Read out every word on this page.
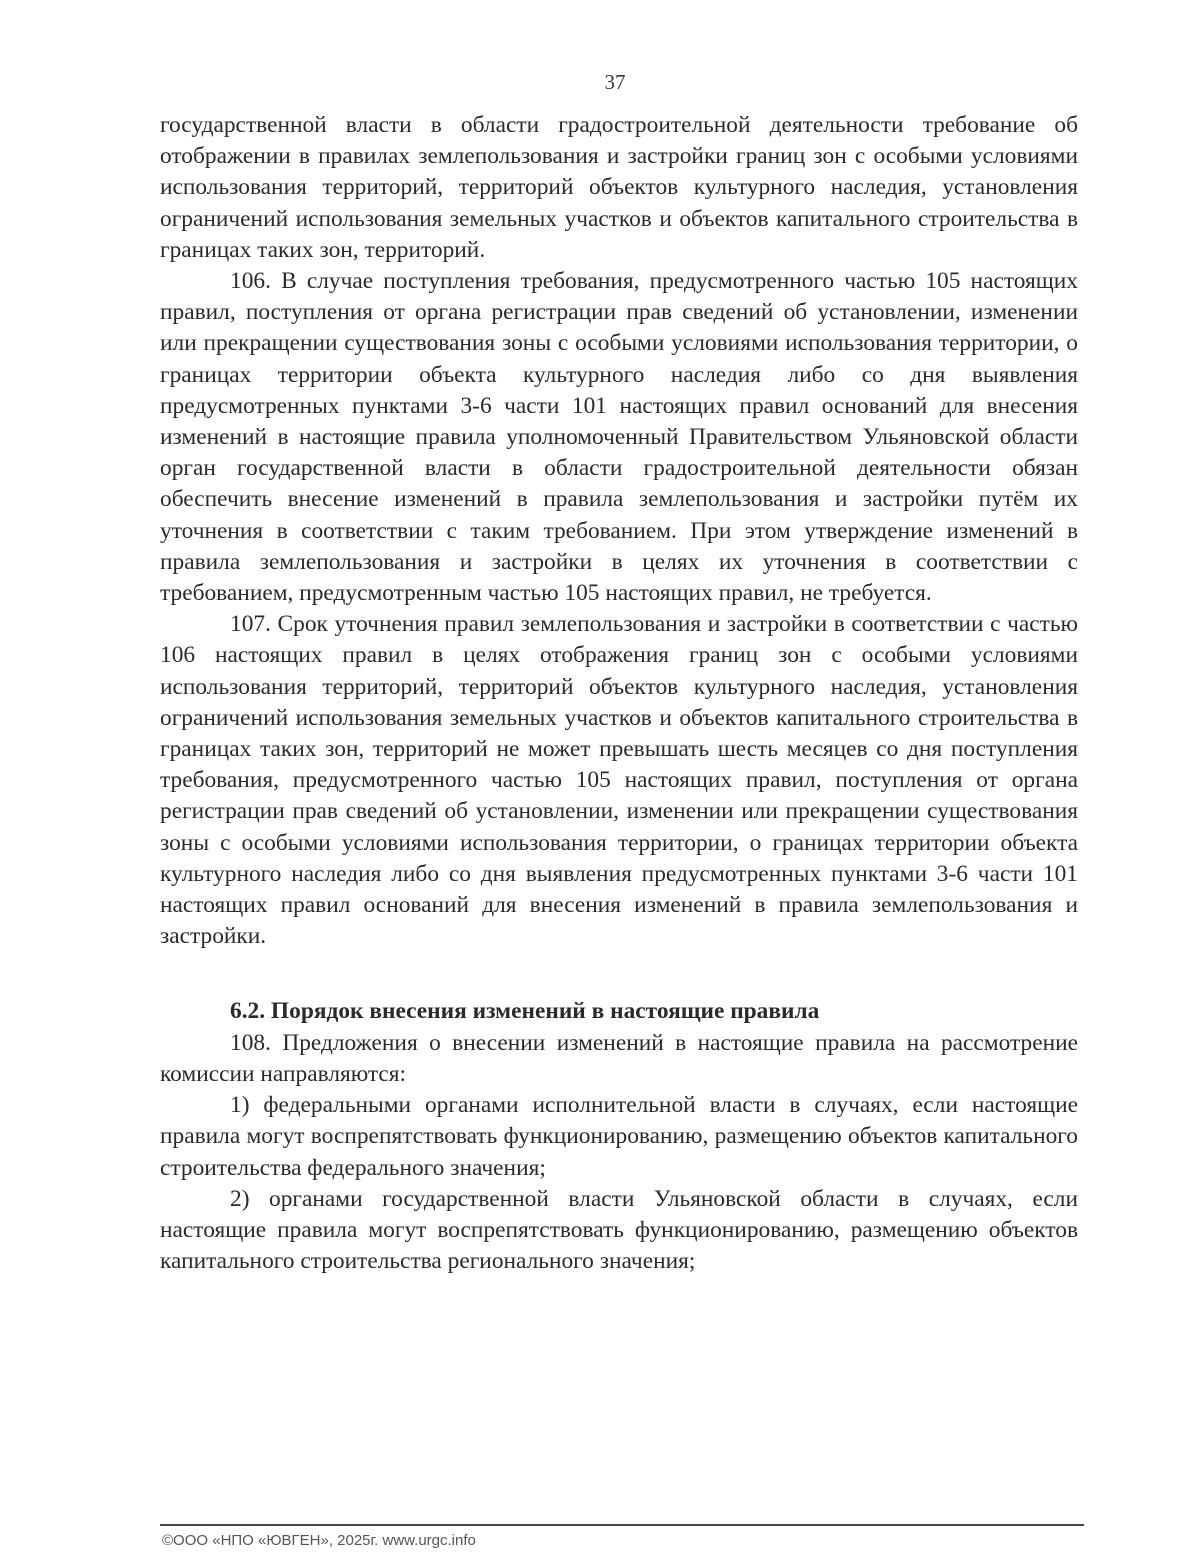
37

государственной власти в области градостроительной деятельности требование об отображении в правилах землепользования и застройки границ зон с особыми условиями использования территорий, территорий объектов культурного наследия, установления ограничений использования земельных участков и объектов капитального строительства в границах таких зон, территорий.

106. В случае поступления требования, предусмотренного частью 105 настоящих правил, поступления от органа регистрации прав сведений об установлении, изменении или прекращении существования зоны с особыми условиями использования территории, о границах территории объекта культурного наследия либо со дня выявления предусмотренных пунктами 3-6 части 101 настоящих правил оснований для внесения изменений в настоящие правила уполномоченный Правительством Ульяновской области орган государственной власти в области градостроительной деятельности обязан обеспечить внесение изменений в правила землепользования и застройки путём их уточнения в соответствии с таким требованием. При этом утверждение изменений в правила землепользования и застройки в целях их уточнения в соответствии с требованием, предусмотренным частью 105 настоящих правил, не требуется.

107. Срок уточнения правил землепользования и застройки в соответствии с частью 106 настоящих правил в целях отображения границ зон с особыми условиями использования территорий, территорий объектов культурного наследия, установления ограничений использования земельных участков и объектов капитального строительства в границах таких зон, территорий не может превышать шесть месяцев со дня поступления требования, предусмотренного частью 105 настоящих правил, поступления от органа регистрации прав сведений об установлении, изменении или прекращении существования зоны с особыми условиями использования территории, о границах территории объекта культурного наследия либо со дня выявления предусмотренных пунктами 3-6 части 101 настоящих правил оснований для внесения изменений в правила землепользования и застройки.

6.2. Порядок внесения изменений в настоящие правила

108. Предложения о внесении изменений в настоящие правила на рассмотрение комиссии направляются:

1) федеральными органами исполнительной власти в случаях, если настоящие правила могут воспрепятствовать функционированию, размещению объектов капитального строительства федерального значения;

2) органами государственной власти Ульяновской области в случаях, если настоящие правила могут воспрепятствовать функционированию, размещению объектов капитального строительства регионального значения;

©ООО «НПО «ЮВГЕН», 2025г. www.urgc.info
